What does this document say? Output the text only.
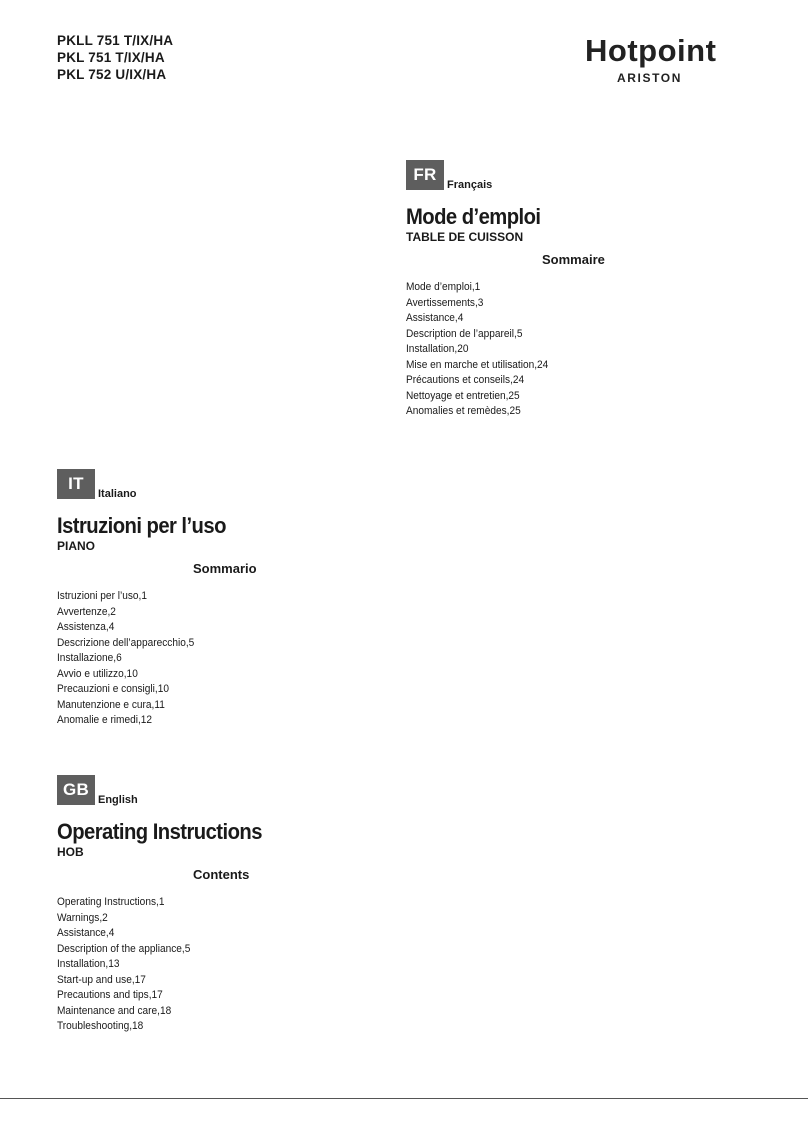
PKLL 751 T/IX/HA
PKL 751 T/IX/HA
PKL 752 U/IX/HA
Hotpoint
ARISTON
FR
Français
Mode d’emploi
TABLE DE CUISSON
Sommaire
Mode d’emploi,1
Avertissements,3
Assistance,4
Description de l’appareil,5
Installation,20
Mise en marche et utilisation,24
Précautions et conseils,24
Nettoyage et entretien,25
Anomalies et remèdes,25
IT
Italiano
Istruzioni per l’uso
PIANO
Sommario
Istruzioni per l’uso,1
Avvertenze,2
Assistenza,4
Descrizione dell’apparecchio,5
Installazione,6
Avvio e utilizzo,10
Precauzioni e consigli,10
Manutenzione e cura,11
Anomalie e rimedi,12
GB
English
Operating Instructions
HOB
Contents
Operating Instructions,1
Warnings,2
Assistance,4
Description of the appliance,5
Installation,13
Start-up and use,17
Precautions and tips,17
Maintenance and care,18
Troubleshooting,18
